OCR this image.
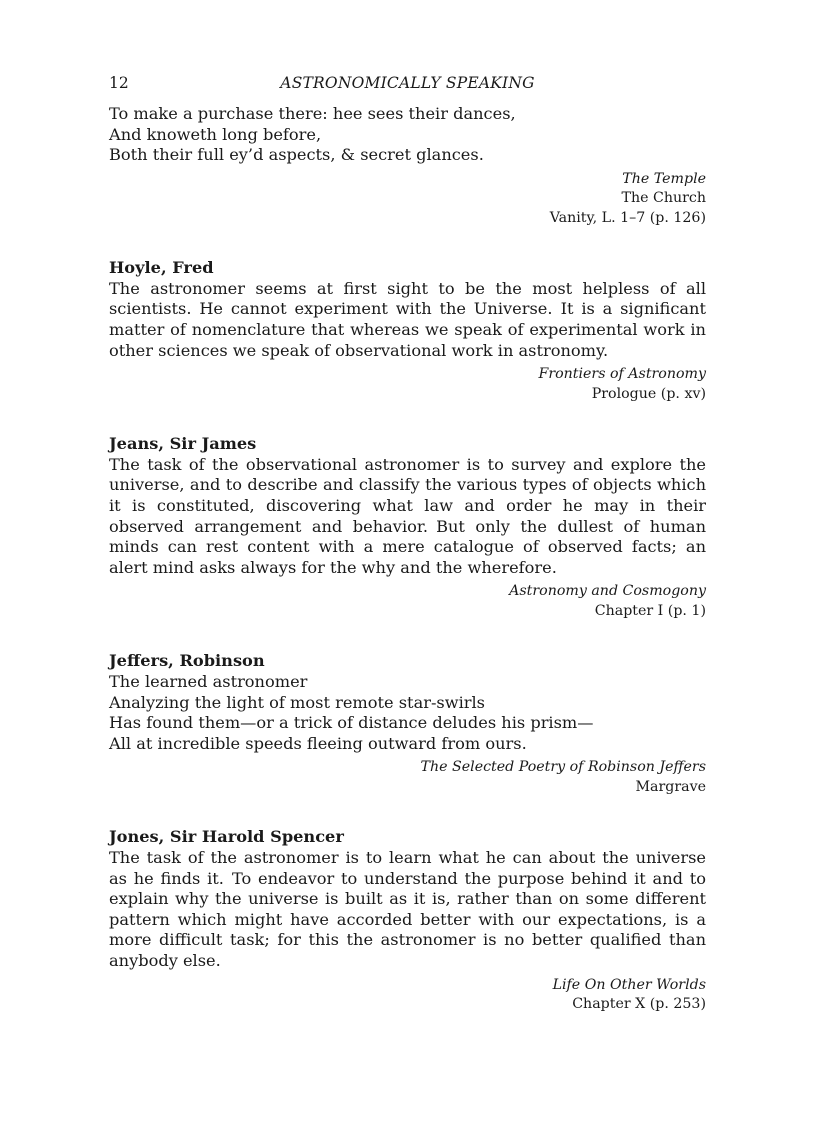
12	ASTRONOMICALLY SPEAKING
To make a purchase there: hee sees their dances,
And knoweth long before,
Both their full ey’d aspects, & secret glances.
The Temple
The Church
Vanity, L. 1–7 (p. 126)
Hoyle, Fred

The astronomer seems at first sight to be the most helpless of all scientists. He cannot experiment with the Universe. It is a significant matter of nomenclature that whereas we speak of experimental work in other sciences we speak of observational work in astronomy.

Frontiers of Astronomy
Prologue (p. xv)
Jeans, Sir James

The task of the observational astronomer is to survey and explore the universe, and to describe and classify the various types of objects which it is constituted, discovering what law and order he may in their observed arrangement and behavior. But only the dullest of human minds can rest content with a mere catalogue of observed facts; an alert mind asks always for the why and the wherefore.

Astronomy and Cosmogony
Chapter I (p. 1)
Jeffers, Robinson
The learned astronomer
Analyzing the light of most remote star-swirls
Has found them—or a trick of distance deludes his prism—
All at incredible speeds fleeing outward from ours.
The Selected Poetry of Robinson Jeffers
Margrave
Jones, Sir Harold Spencer

The task of the astronomer is to learn what he can about the universe as he finds it. To endeavor to understand the purpose behind it and to explain why the universe is built as it is, rather than on some different pattern which might have accorded better with our expectations, is a more difficult task; for this the astronomer is no better qualified than anybody else.

Life On Other Worlds
Chapter X (p. 253)
